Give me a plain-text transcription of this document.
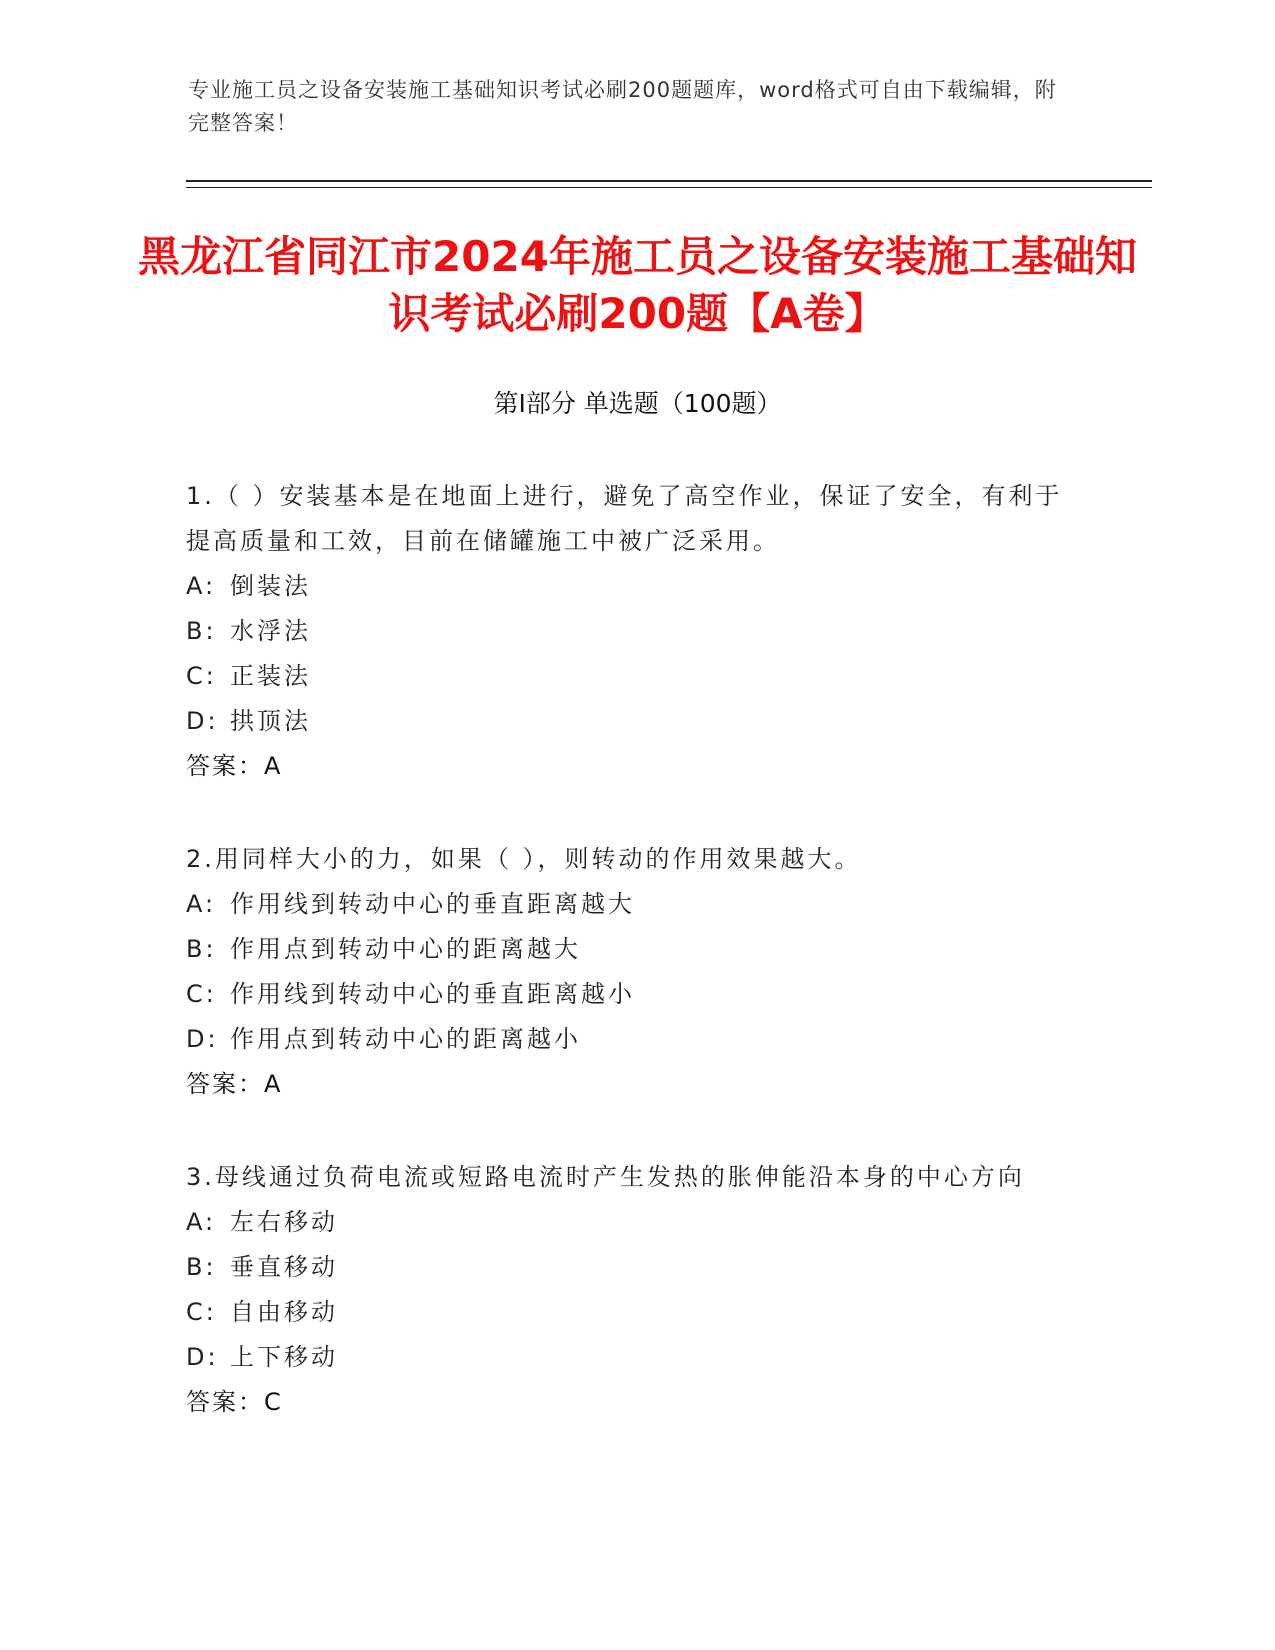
专业施工员之设备安装施工基础知识考试必刷200题题库，word格式可自由下载编辑，附完整答案！
黑龙江省同江市2024年施工员之设备安装施工基础知识考试必刷200题【A卷】
第Ⅰ部分 单选题（100题）
1.（ ）安装基本是在地面上进行，避免了高空作业，保证了安全，有利于提高质量和工效，目前在储罐施工中被广泛采用。
A: 倒装法
B: 水浮法
C: 正装法
D: 拱顶法
答案：A
2.用同样大小的力，如果（ ），则转动的作用效果越大。
A: 作用线到转动中心的垂直距离越大
B: 作用点到转动中心的距离越大
C: 作用线到转动中心的垂直距离越小
D: 作用点到转动中心的距离越小
答案：A
3.母线通过负荷电流或短路电流时产生发热的胀伸能沿本身的中心方向
A: 左右移动
B: 垂直移动
C: 自由移动
D: 上下移动
答案：C
